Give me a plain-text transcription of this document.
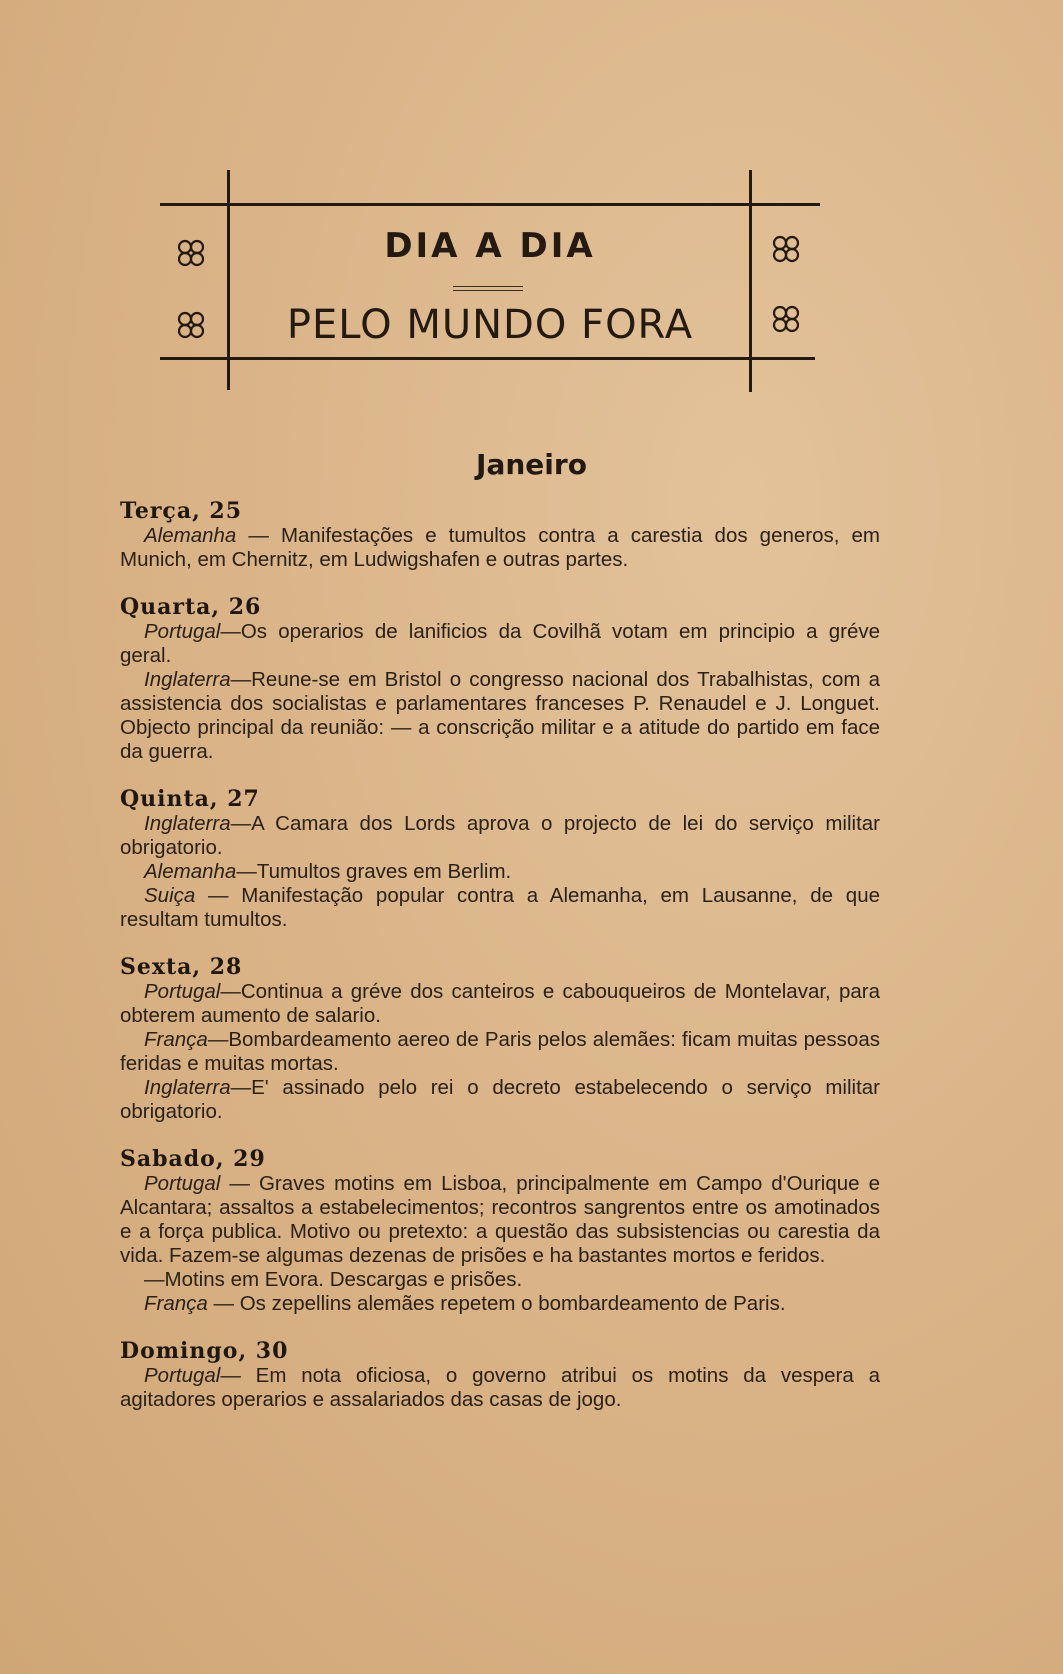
DIA A DIA
PELO MUNDO FORA
Janeiro
Terça, 25

Alemanha — Manifestações e tumultos contra a carestia dos generos, em Munich, em Chernitz, em Ludwigshafen e outras partes.

Quarta, 26

Portugal—Os operarios de lanificios da Covilhã votam em principio a gréve geral.

Inglaterra—Reune-se em Bristol o congresso nacional dos Trabalhistas, com a assistencia dos socialistas e parlamentares franceses P. Renaudel e J. Longuet. Objecto principal da reunião: — a conscrição militar e a atitude do partido em face da guerra.

Quinta, 27

Inglaterra—A Camara dos Lords aprova o projecto de lei do serviço militar obrigatorio.

Alemanha—Tumultos graves em Berlim.

Suiça — Manifestação popular contra a Alemanha, em Lausanne, de que resultam tumultos.

Sexta, 28

Portugal—Continua a gréve dos canteiros e cabouqueiros de Montelavar, para obterem aumento de salario.

França—Bombardeamento aereo de Paris pelos alemães: ficam muitas pessoas feridas e muitas mortas.

Inglaterra—E' assinado pelo rei o decreto estabelecendo o serviço militar obrigatorio.

Sabado, 29

Portugal — Graves motins em Lisboa, principalmente em Campo d'Ourique e Alcantara; assaltos a estabelecimentos; recontros sangrentos entre os amotinados e a força publica. Motivo ou pretexto: a questão das subsistencias ou carestia da vida. Fazem-se algumas dezenas de prisões e ha bastantes mortos e feridos.

—Motins em Evora. Descargas e prisões.

França — Os zepellins alemães repetem o bombardeamento de Paris.

Domingo, 30

Portugal— Em nota oficiosa, o governo atribui os motins da vespera a agitadores operarios e assalariados das casas de jogo.
